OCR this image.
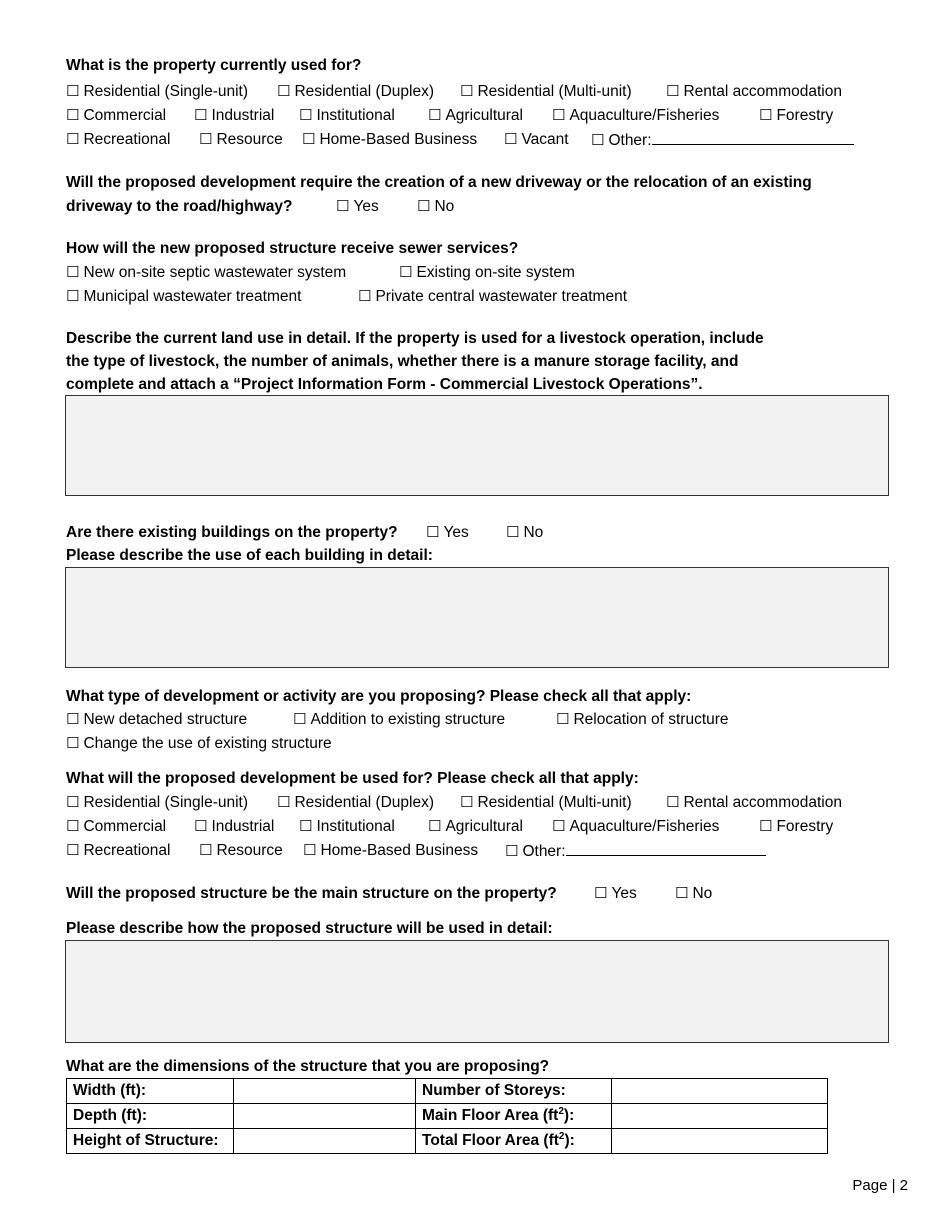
What is the property currently used for?
☐ Residential (Single-unit) ☐ Residential (Duplex) ☐ Residential (Multi-unit) ☐ Rental accommodation
☐ Commercial ☐ Industrial ☐ Institutional ☐ Agricultural ☐ Aquaculture/Fisheries	☐ Forestry
☐ Recreational ☐ Resource ☐ Home-Based Business ☐ Vacant ☐ Other:
Will the proposed development require the creation of a new driveway or the relocation of an existing
driveway to the road/highway?	☐ Yes	☐ No
How will the new proposed structure receive sewer services?
☐ New on-site septic wastewater system	☐ Existing on-site system
☐ Municipal wastewater treatment	☐ Private central wastewater treatment
Describe the current land use in detail. If the property is used for a livestock operation, include
the type of livestock, the number of animals, whether there is a manure storage facility, and
complete and attach a “Project Information Form - Commercial Livestock Operations”.
Are there existing buildings on the property? ☐ Yes ☐ No
Please describe the use of each building in detail:
What type of development or activity are you proposing? Please check all that apply:
☐ New detached structure	☐ Addition to existing structure	☐ Relocation of structure
☐ Change the use of existing structure
What will the proposed development be used for? Please check all that apply:
☐ Residential (Single-unit) ☐ Residential (Duplex) ☐ Residential (Multi-unit) ☐ Rental accommodation
☐ Commercial ☐ Industrial ☐ Institutional ☐ Agricultural ☐ Aquaculture/Fisheries	☐ Forestry
☐ Recreational ☐ Resource ☐ Home-Based Business ☐ Other:
Will the proposed structure be the main structure on the property? ☐ Yes	☐ No
Please describe how the proposed structure will be used in detail:
What are the dimensions of the structure that you are proposing?
Width (ft):		Number of Storeys:	
Depth (ft):		Main Floor Area $(ft^2)$:	
Height of Structure:		Total Floor Area $(ft^2)$:	
Page | 2
